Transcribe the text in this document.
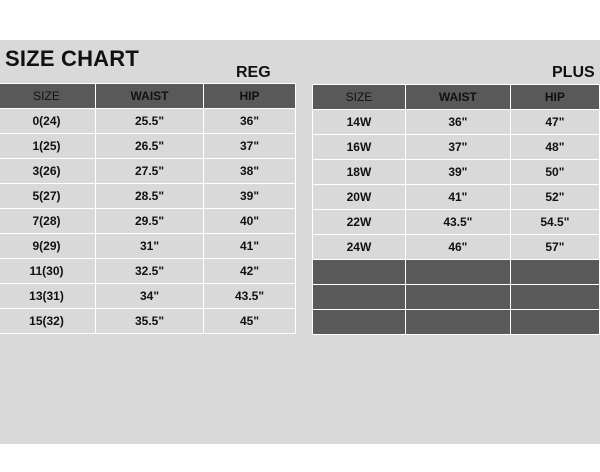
SIZE CHART
REG	PLUS
SIZE	WAIST	HIP
0(24)	25.5"	36"
1(25)	26.5"	37"
3(26)	27.5"	38"
5(27)	28.5"	39"
7(28)	29.5"	40"
9(29)	31"	41"
11(30)	32.5"	42"
13(31)	34"	43.5"
15(32)	35.5"	45"
SIZE	WAIST	HIP
14W	36"	47"
16W	37"	48"
18W	39"	50"
20W	41"	52"
22W	43.5"	54.5"
24W	46"	57"
